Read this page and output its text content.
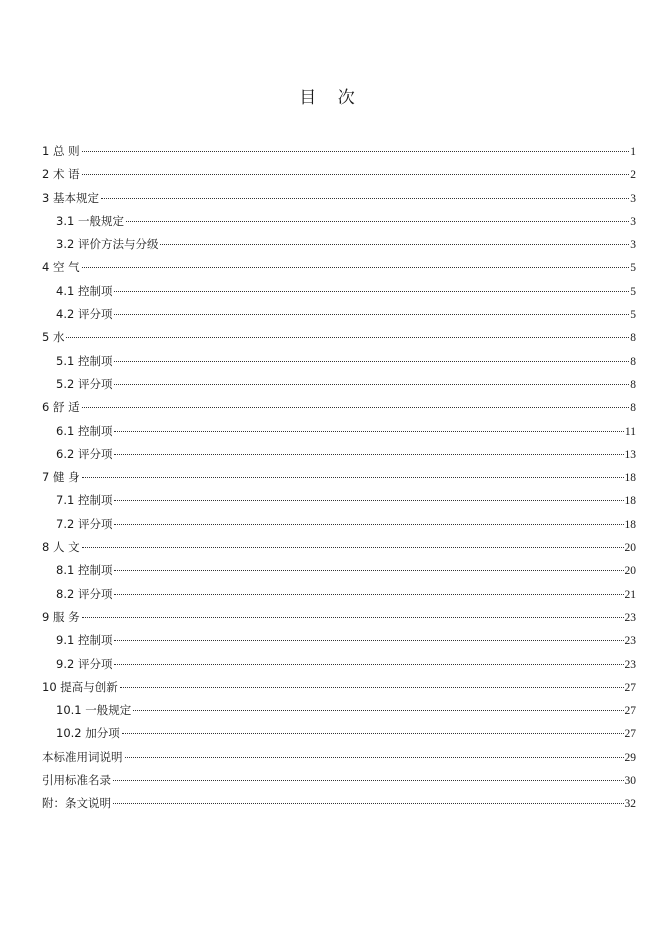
目 次
1 总 则	1
2 术 语	2
3 基本规定	3
3.1 一般规定	3
3.2 评价方法与分级	3
4 空 气	5
4.1 控制项	5
4.2 评分项	5
5 水	8
5.1 控制项	8
5.2 评分项	8
6 舒 适	8
6.1 控制项	11
6.2 评分项	13
7 健 身	18
7.1 控制项	18
7.2 评分项	18
8 人 文	20
8.1 控制项	20
8.2 评分项	21
9 服 务	23
9.1 控制项	23
9.2 评分项	23
10 提高与创新	27
10.1 一般规定	27
10.2 加分项	27
本标准用词说明	29
引用标准名录	30
附：条文说明	32
